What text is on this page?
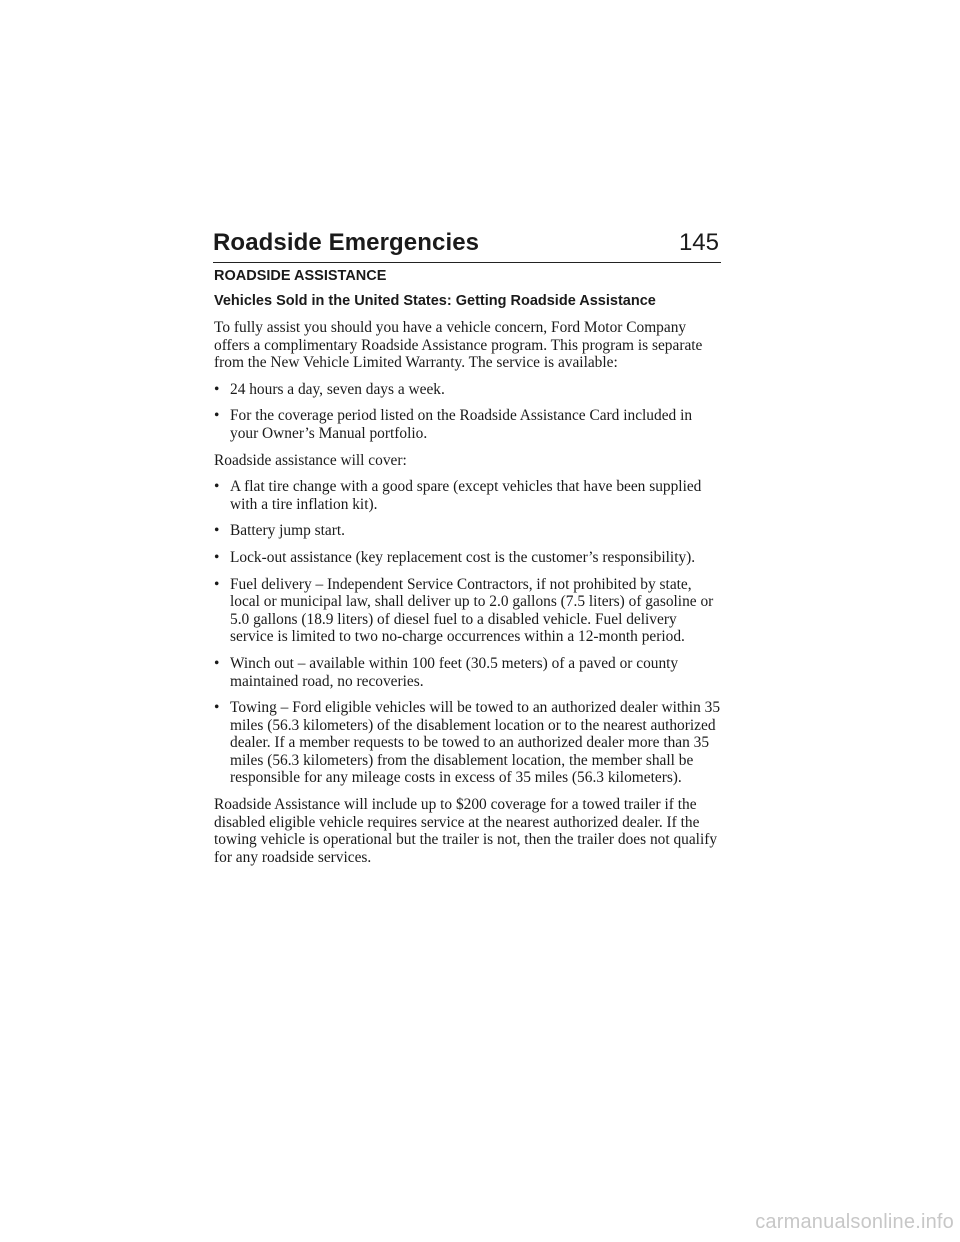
Roadside Emergencies	145
ROADSIDE ASSISTANCE
Vehicles Sold in the United States: Getting Roadside Assistance

To fully assist you should you have a vehicle concern, Ford Motor Company offers a complimentary Roadside Assistance program. This program is separate from the New Vehicle Limited Warranty. The service is available:

• 24 hours a day, seven days a week.
• For the coverage period listed on the Roadside Assistance Card included in your Owner’s Manual portfolio.

Roadside assistance will cover:

• A flat tire change with a good spare (except vehicles that have been supplied with a tire inflation kit).
• Battery jump start.
• Lock-out assistance (key replacement cost is the customer’s responsibility).
• Fuel delivery – Independent Service Contractors, if not prohibited by state, local or municipal law, shall deliver up to 2.0 gallons (7.5 liters) of gasoline or 5.0 gallons (18.9 liters) of diesel fuel to a disabled vehicle. Fuel delivery service is limited to two no-charge occurrences within a 12-month period.
• Winch out – available within 100 feet (30.5 meters) of a paved or county maintained road, no recoveries.
• Towing – Ford eligible vehicles will be towed to an authorized dealer within 35 miles (56.3 kilometers) of the disablement location or to the nearest authorized dealer. If a member requests to be towed to an authorized dealer more than 35 miles (56.3 kilometers) from the disablement location, the member shall be responsible for any mileage costs in excess of 35 miles (56.3 kilometers).

Roadside Assistance will include up to $200 coverage for a towed trailer if the disabled eligible vehicle requires service at the nearest authorized dealer. If the towing vehicle is operational but the trailer is not, then the trailer does not qualify for any roadside services.

carmanualsonline.info
